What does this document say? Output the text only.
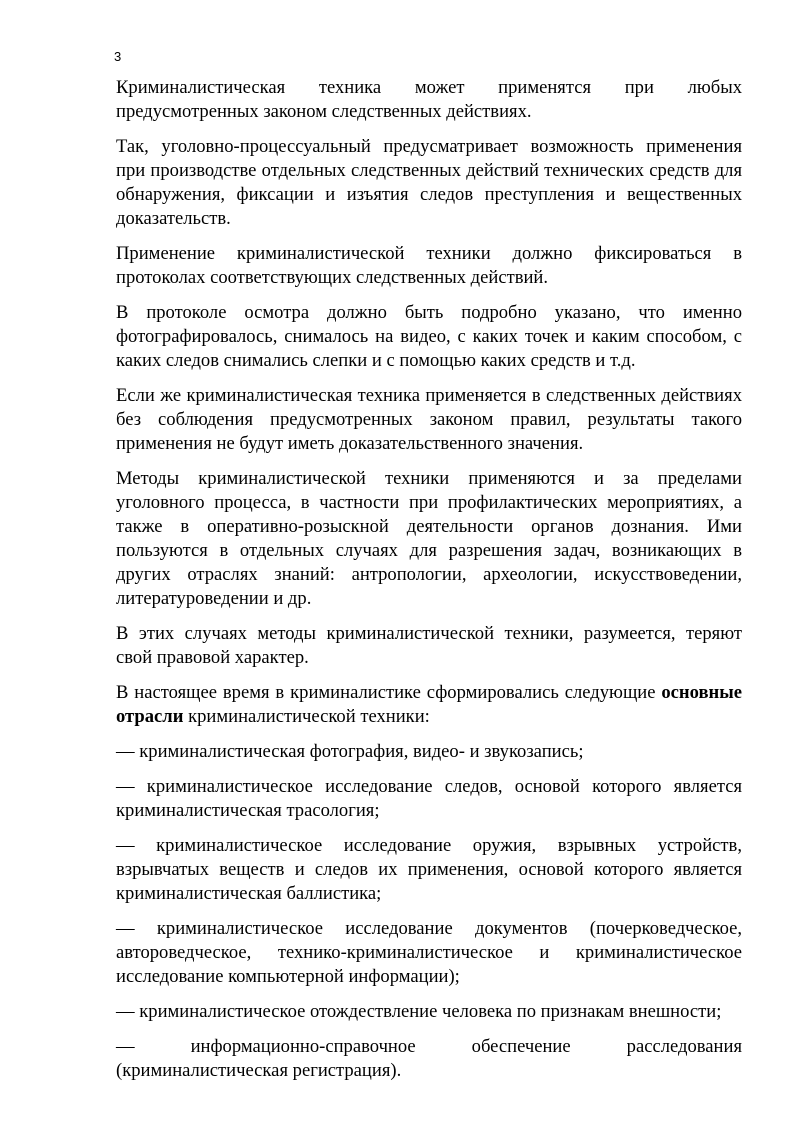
3

Криминалистическая техника может применятся при любых предусмотренных законом следственных действиях.

Так, уголовно-процессуальный предусматривает возможность применения при производстве отдельных следственных действий технических средств для обнаружения, фиксации и изъятия следов преступления и вещественных доказательств.

Применение криминалистической техники должно фиксироваться в протоколах соответствующих следственных действий.

В протоколе осмотра должно быть подробно указано, что именно фотографировалось, снималось на видео, с каких точек и каким способом, с каких следов снимались слепки и с помощью каких средств и т.д.

Если же криминалистическая техника применяется в следственных действиях без соблюдения предусмотренных законом правил, результаты такого применения не будут иметь доказательственного значения.

Методы криминалистической техники применяются и за пределами уголовного процесса, в частности при профилактических мероприятиях, а также в оперативно-розыскной деятельности органов дознания. Ими пользуются в отдельных случаях для разрешения задач, возникающих в других отраслях знаний: антропологии, археологии, искусствоведении, литературоведении и др.

В этих случаях методы криминалистической техники, разумеется, теряют свой правовой характер.

В настоящее время в криминалистике сформировались следующие основные отрасли криминалистической техники:

— криминалистическая фотография, видео- и звукозапись;

— криминалистическое исследование следов, основой которого является криминалистическая трасология;

— криминалистическое исследование оружия, взрывных устройств, взрывчатых веществ и следов их применения, основой которого является криминалистическая баллистика;

— криминалистическое исследование документов (почерковедческое, автороведческое, технико-криминалистическое и криминалистическое исследование компьютерной информации);

— криминалистическое отождествление человека по признакам внешности;

— информационно-справочное обеспечение расследования (криминалистическая регистрация).
